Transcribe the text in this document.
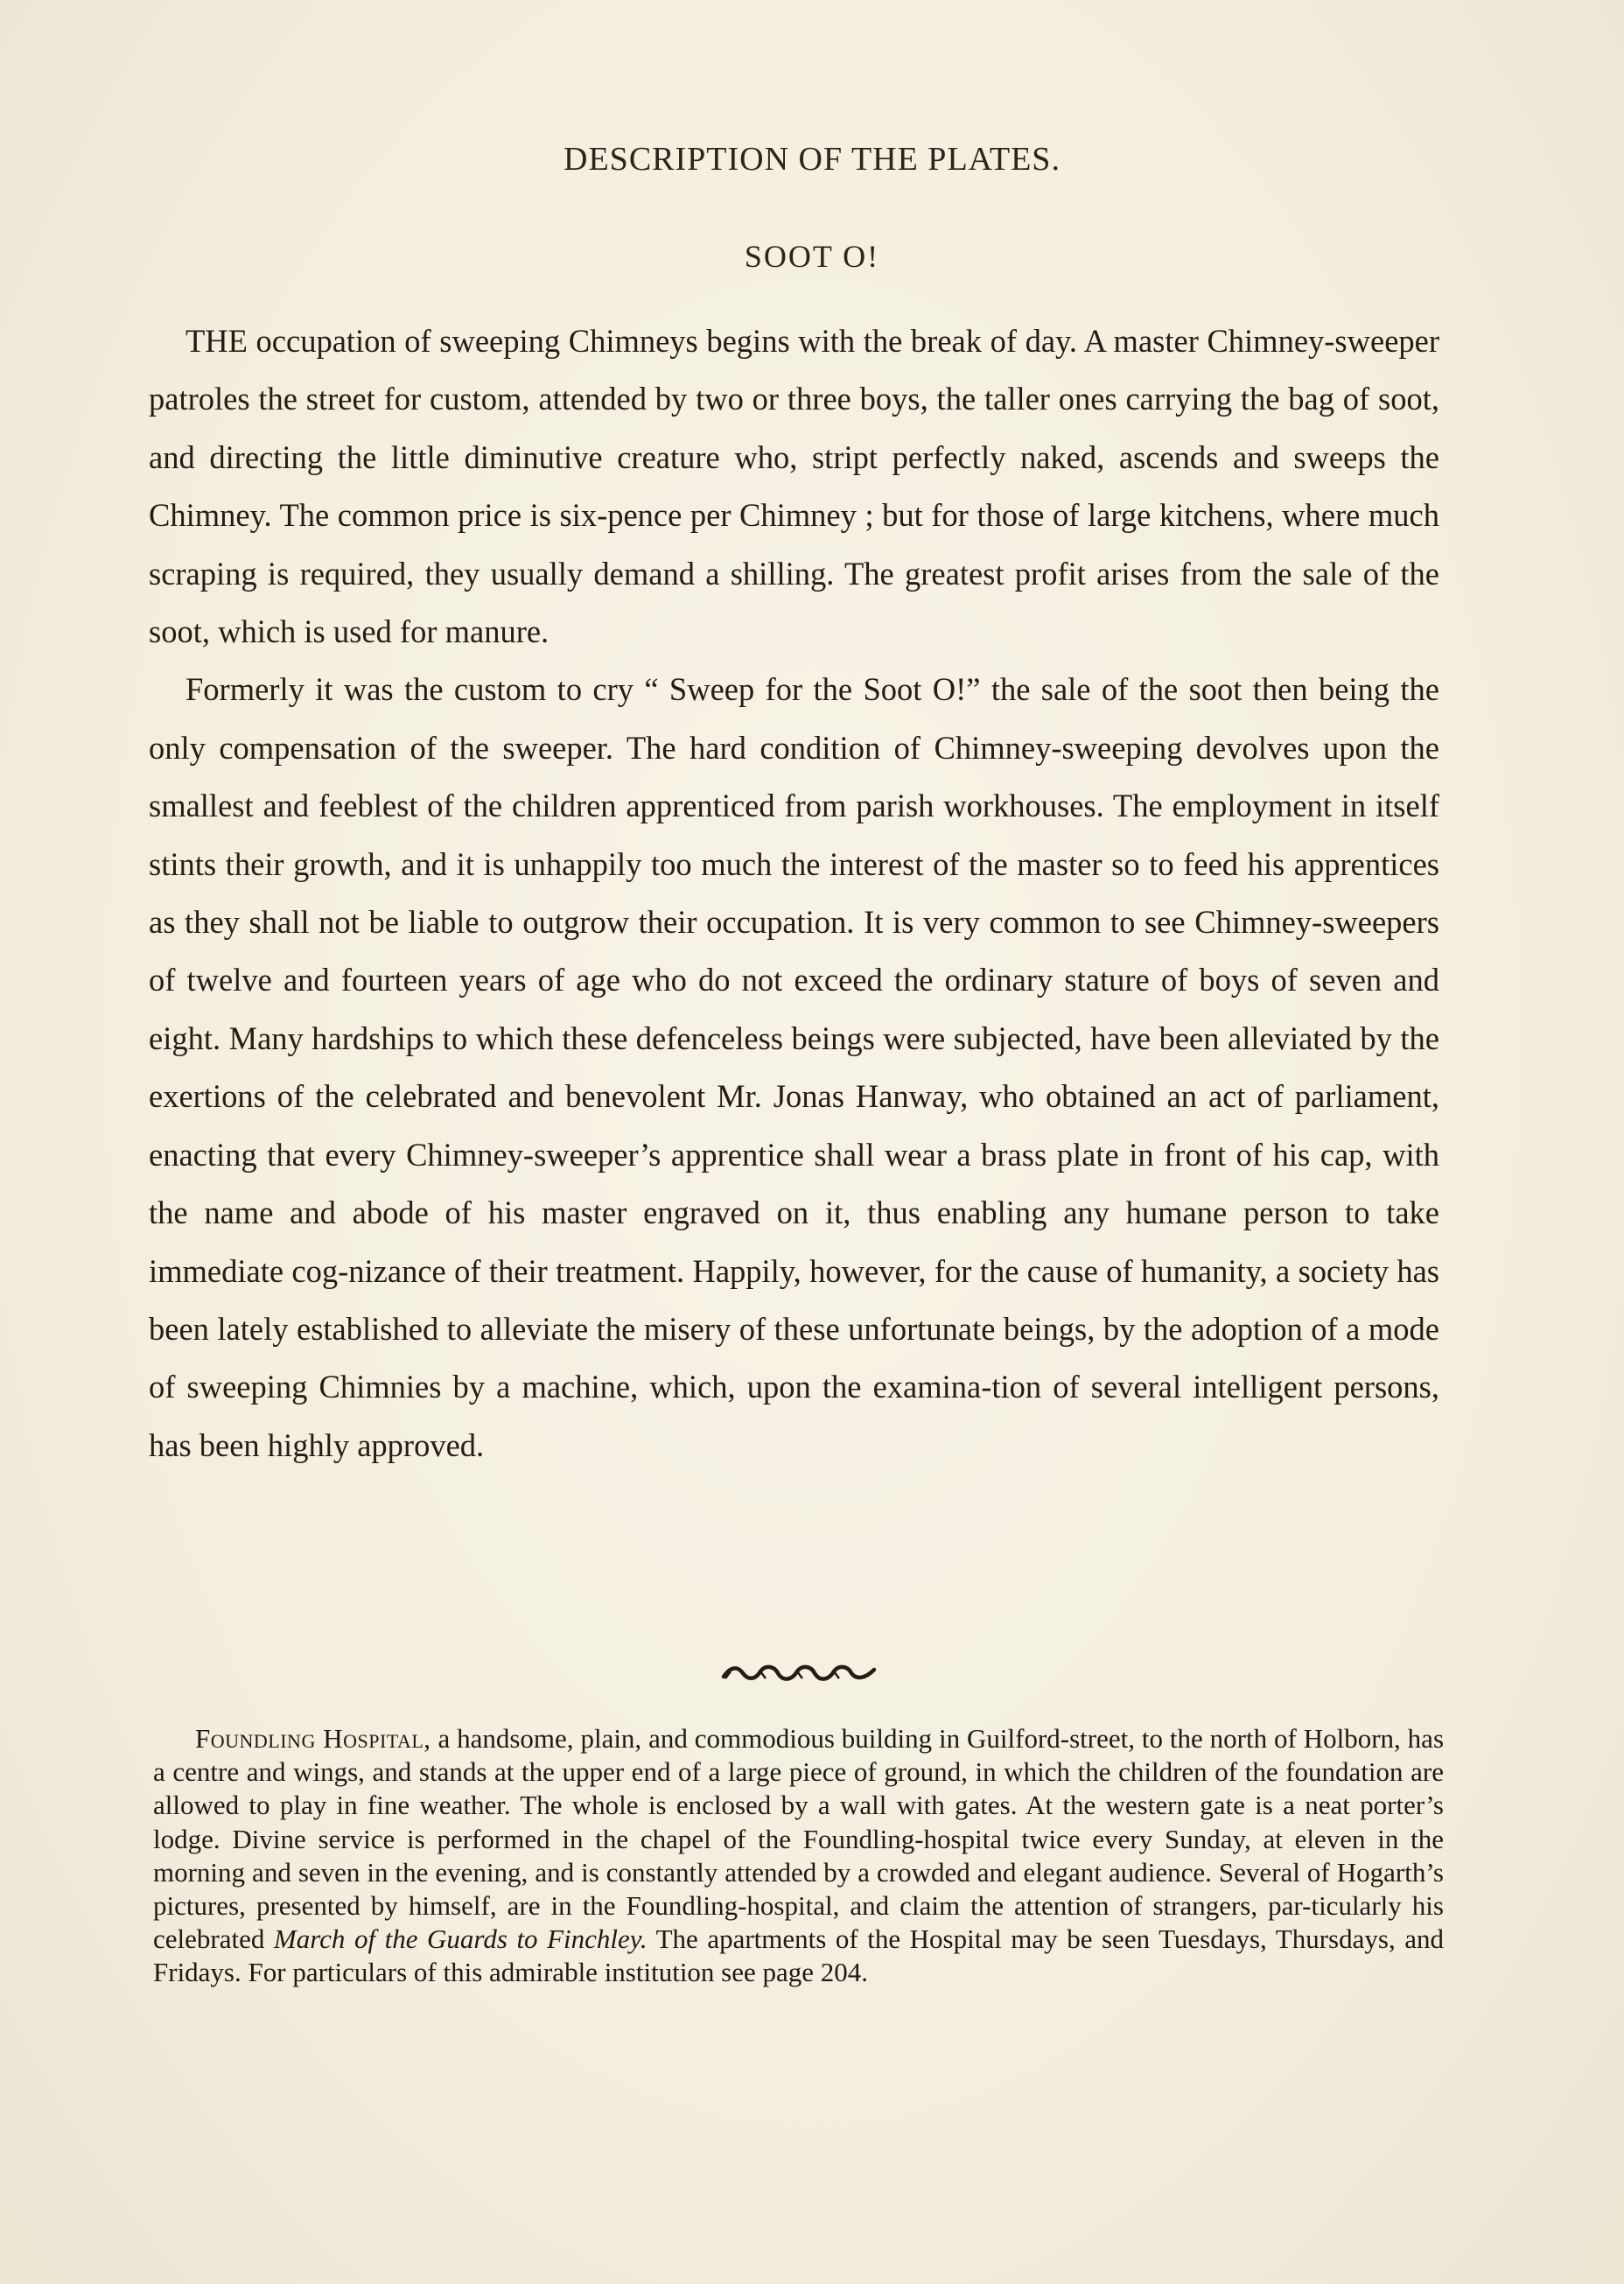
DESCRIPTION OF THE PLATES.
SOOT O!

THE occupation of sweeping Chimneys begins with the break of day. A master Chimney-sweeper patroles the street for custom, attended by two or three boys, the taller ones carrying the bag of soot, and directing the little diminutive creature who, stript perfectly naked, ascends and sweeps the Chimney. The common price is six-pence per Chimney ; but for those of large kitchens, where much scraping is required, they usually demand a shilling. The greatest profit arises from the sale of the soot, which is used for manure.

Formerly it was the custom to cry “ Sweep for the Soot O!” the sale of the soot then being the only compensation of the sweeper. The hard condition of Chimney-sweeping devolves upon the smallest and feeblest of the children apprenticed from parish workhouses. The employment in itself stints their growth, and it is unhappily too much the interest of the master so to feed his apprentices as they shall not be liable to outgrow their occupation. It is very common to see Chimney-sweepers of twelve and fourteen years of age who do not exceed the ordinary stature of boys of seven and eight. Many hardships to which these defenceless beings were subjected, have been alleviated by the exertions of the celebrated and benevolent Mr. Jonas Hanway, who obtained an act of parliament, enacting that every Chimney-sweeper’s apprentice shall wear a brass plate in front of his cap, with the name and abode of his master engraved on it, thus enabling any humane person to take immediate cog-nizance of their treatment. Happily, however, for the cause of humanity, a society has been lately established to alleviate the misery of these unfortunate beings, by the adoption of a mode of sweeping Chimnies by a machine, which, upon the examina-tion of several intelligent persons, has been highly approved.

Foundling Hospital, a handsome, plain, and commodious building in Guilford-street, to the north of Holborn, has a centre and wings, and stands at the upper end of a large piece of ground, in which the children of the foundation are allowed to play in fine weather. The whole is enclosed by a wall with gates. At the western gate is a neat porter’s lodge. Divine service is performed in the chapel of the Foundling-hospital twice every Sunday, at eleven in the morning and seven in the evening, and is constantly attended by a crowded and elegant audience. Several of Hogarth’s pictures, presented by himself, are in the Foundling-hospital, and claim the attention of strangers, par-ticularly his celebrated March of the Guards to Finchley. The apartments of the Hospital may be seen Tuesdays, Thursdays, and Fridays. For particulars of this admirable institution see page 204.
